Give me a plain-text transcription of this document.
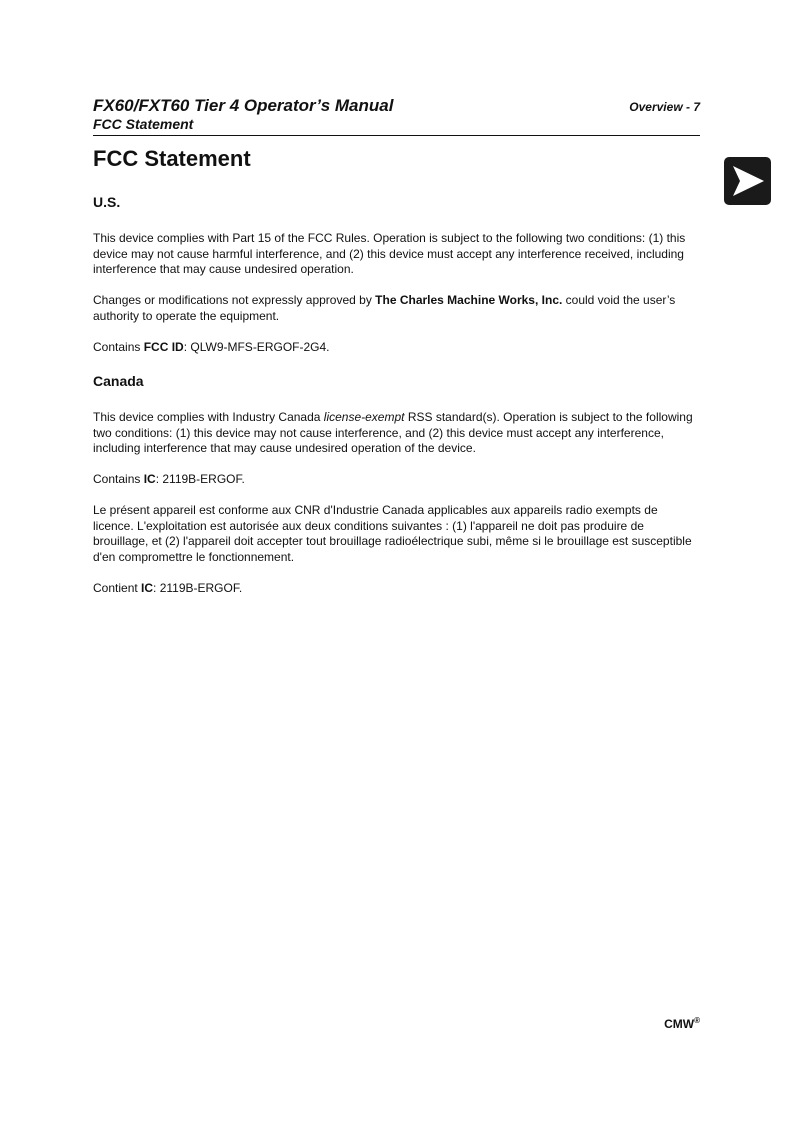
FX60/FXT60 Tier 4 Operator’s Manual
FCC Statement
Overview - 7
FCC Statement
U.S.

This device complies with Part 15 of the FCC Rules. Operation is subject to the following two conditions: (1) this device may not cause harmful interference, and (2) this device must accept any interference received, including interference that may cause undesired operation.

Changes or modifications not expressly approved by The Charles Machine Works, Inc. could void the user’s authority to operate the equipment.

Contains FCC ID: QLW9-MFS-ERGOF-2G4.

Canada

This device complies with Industry Canada license-exempt RSS standard(s). Operation is subject to the following two conditions: (1) this device may not cause interference, and (2) this device must accept any interference, including interference that may cause undesired operation of the device.

Contains IC: 2119B-ERGOF.

Le présent appareil est conforme aux CNR d'Industrie Canada applicables aux appareils radio exempts de licence. L'exploitation est autorisée aux deux conditions suivantes : (1) l'appareil ne doit pas produire de brouillage, et (2) l'appareil doit accepter tout brouillage radioélectrique subi, même si le brouillage est susceptible d'en compromettre le fonctionnement.

Contient IC: 2119B-ERGOF.

CMW®
